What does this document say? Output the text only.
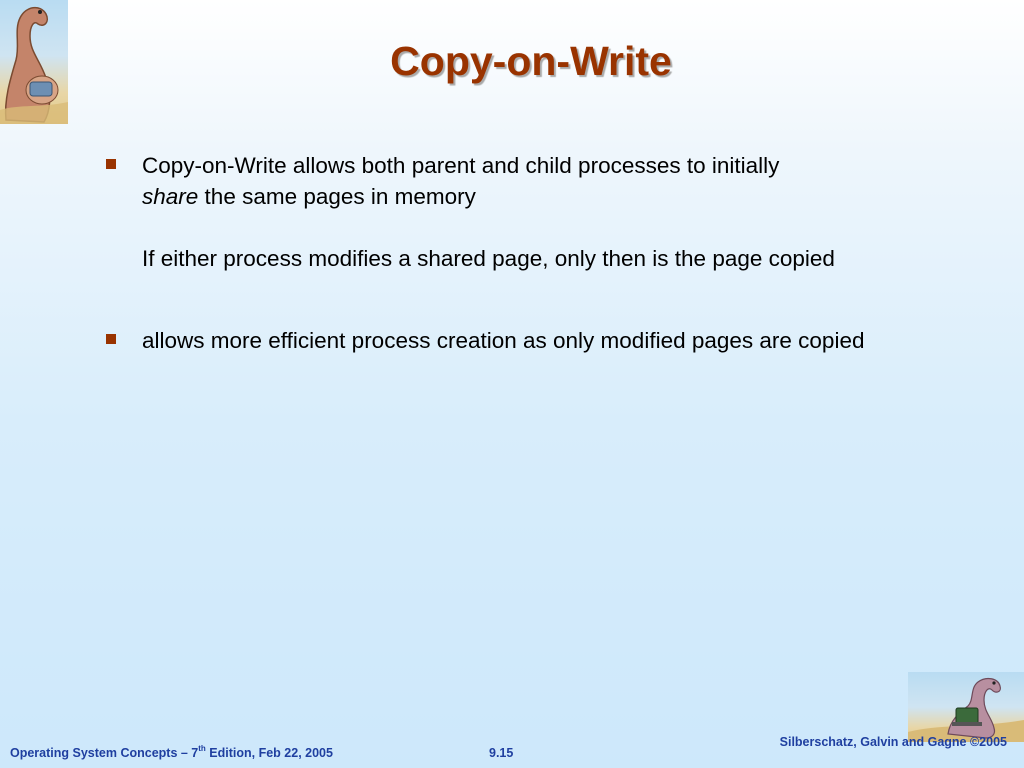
Copy-on-Write

Copy-on-Write allows both parent and child processes to initially
share the same pages in memory

If either process modifies a shared page, only then is the page copied

allows more efficient process creation as only modified pages are copied

Operating System Concepts – 7th Edition, Feb 22, 2005	9.15
Silberschatz, Galvin and Gagne ©2005
